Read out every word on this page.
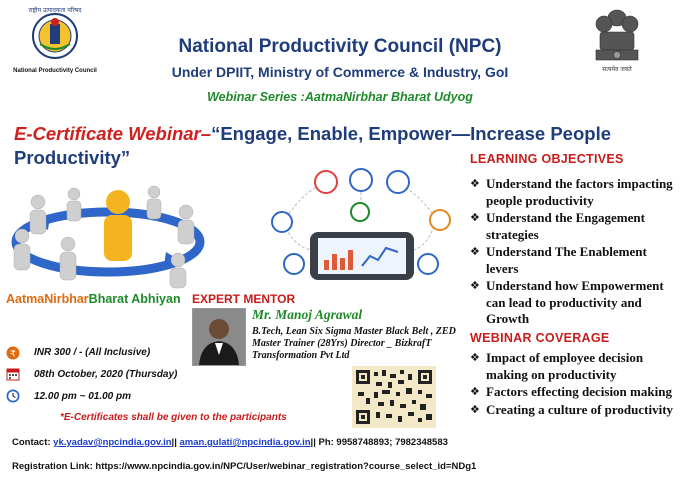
राष्ट्रीय उत्पादकता परिषद
National Productivity Council	सत्यमेव जयते
National Productivity Council (NPC)
Under DPIIT, Ministry of Commerce & Industry, GoI
Webinar Series :AatmaNirbhar Bharat Udyog
E-Certificate Webinar–“Engage, Enable, Empower—Increase People Productivity”
AatmaNirbharBharat Abhiyan
LEARNING OBJECTIVES
❖ Understand the factors impacting people productivity
❖ Understand the Engagement strategies
❖ Understand The Enablement levers
❖ Understand how Empowerment can lead to productivity and Growth
WEBINAR COVERAGE
❖ Impact of employee decision making on productivity
❖ Factors effecting decision making
❖ Creating a culture of productivity
EXPERT MENTOR
Mr. Manoj Agrawal
B.Tech, Lean Six Sigma Master Black Belt , ZED Master Trainer (28Yrs) Director _ BizkrafT Transformation Pvt Ltd
₹ INR 300 / - (All Inclusive)
08th October, 2020 (Thursday)
12.00 pm ~ 01.00 pm
*E-Certificates shall be given to the participants
Contact: yk.yadav@npcindia.gov.in|| aman.gulati@npcindia.gov.in|| Ph: 9958748893; 7982348583
Registration Link: https://www.npcindia.gov.in/NPC/User/webinar_registration?course_select_id=NDg1
